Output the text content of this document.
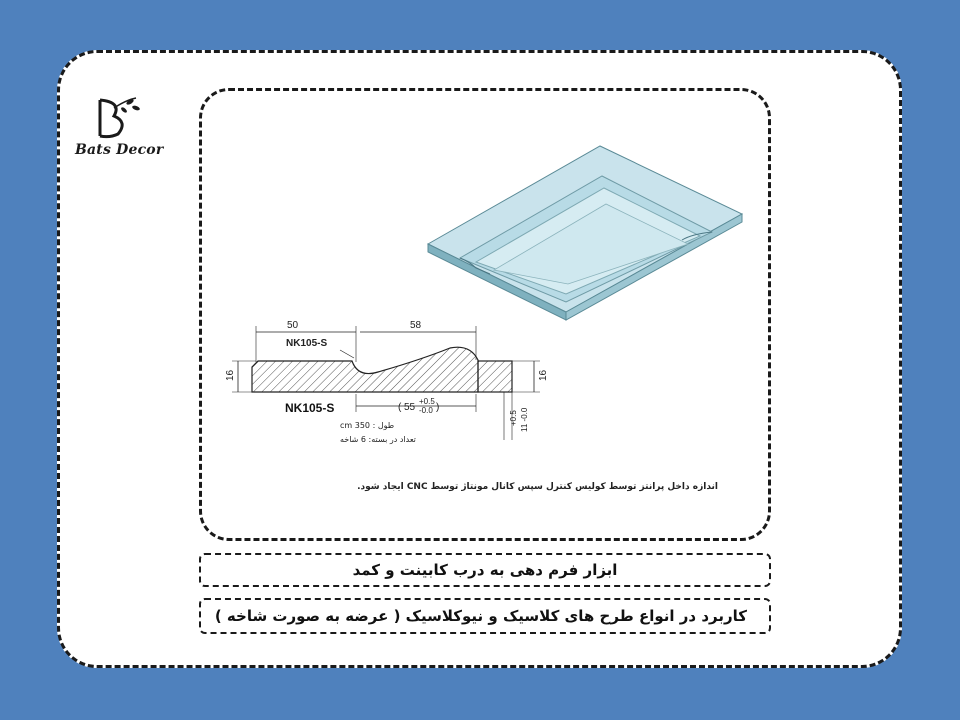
Bats Decor
50	58
NK105-S
16	16
( 55
+0.5
-0.0 )
+0.5 11 -0.0
NK105-S
طول : 350 cm
تعداد در بسته: 6 شاخه
اندازه داخل پرانتز توسط کولیس کنترل سپس کانال مونتاژ توسط CNC ایجاد شود.
ابزار فرم دهی به درب کابینت و کمد
کاربرد در انواع طرح های کلاسیک و نیوکلاسیک ( عرضه به صورت شاخه )
